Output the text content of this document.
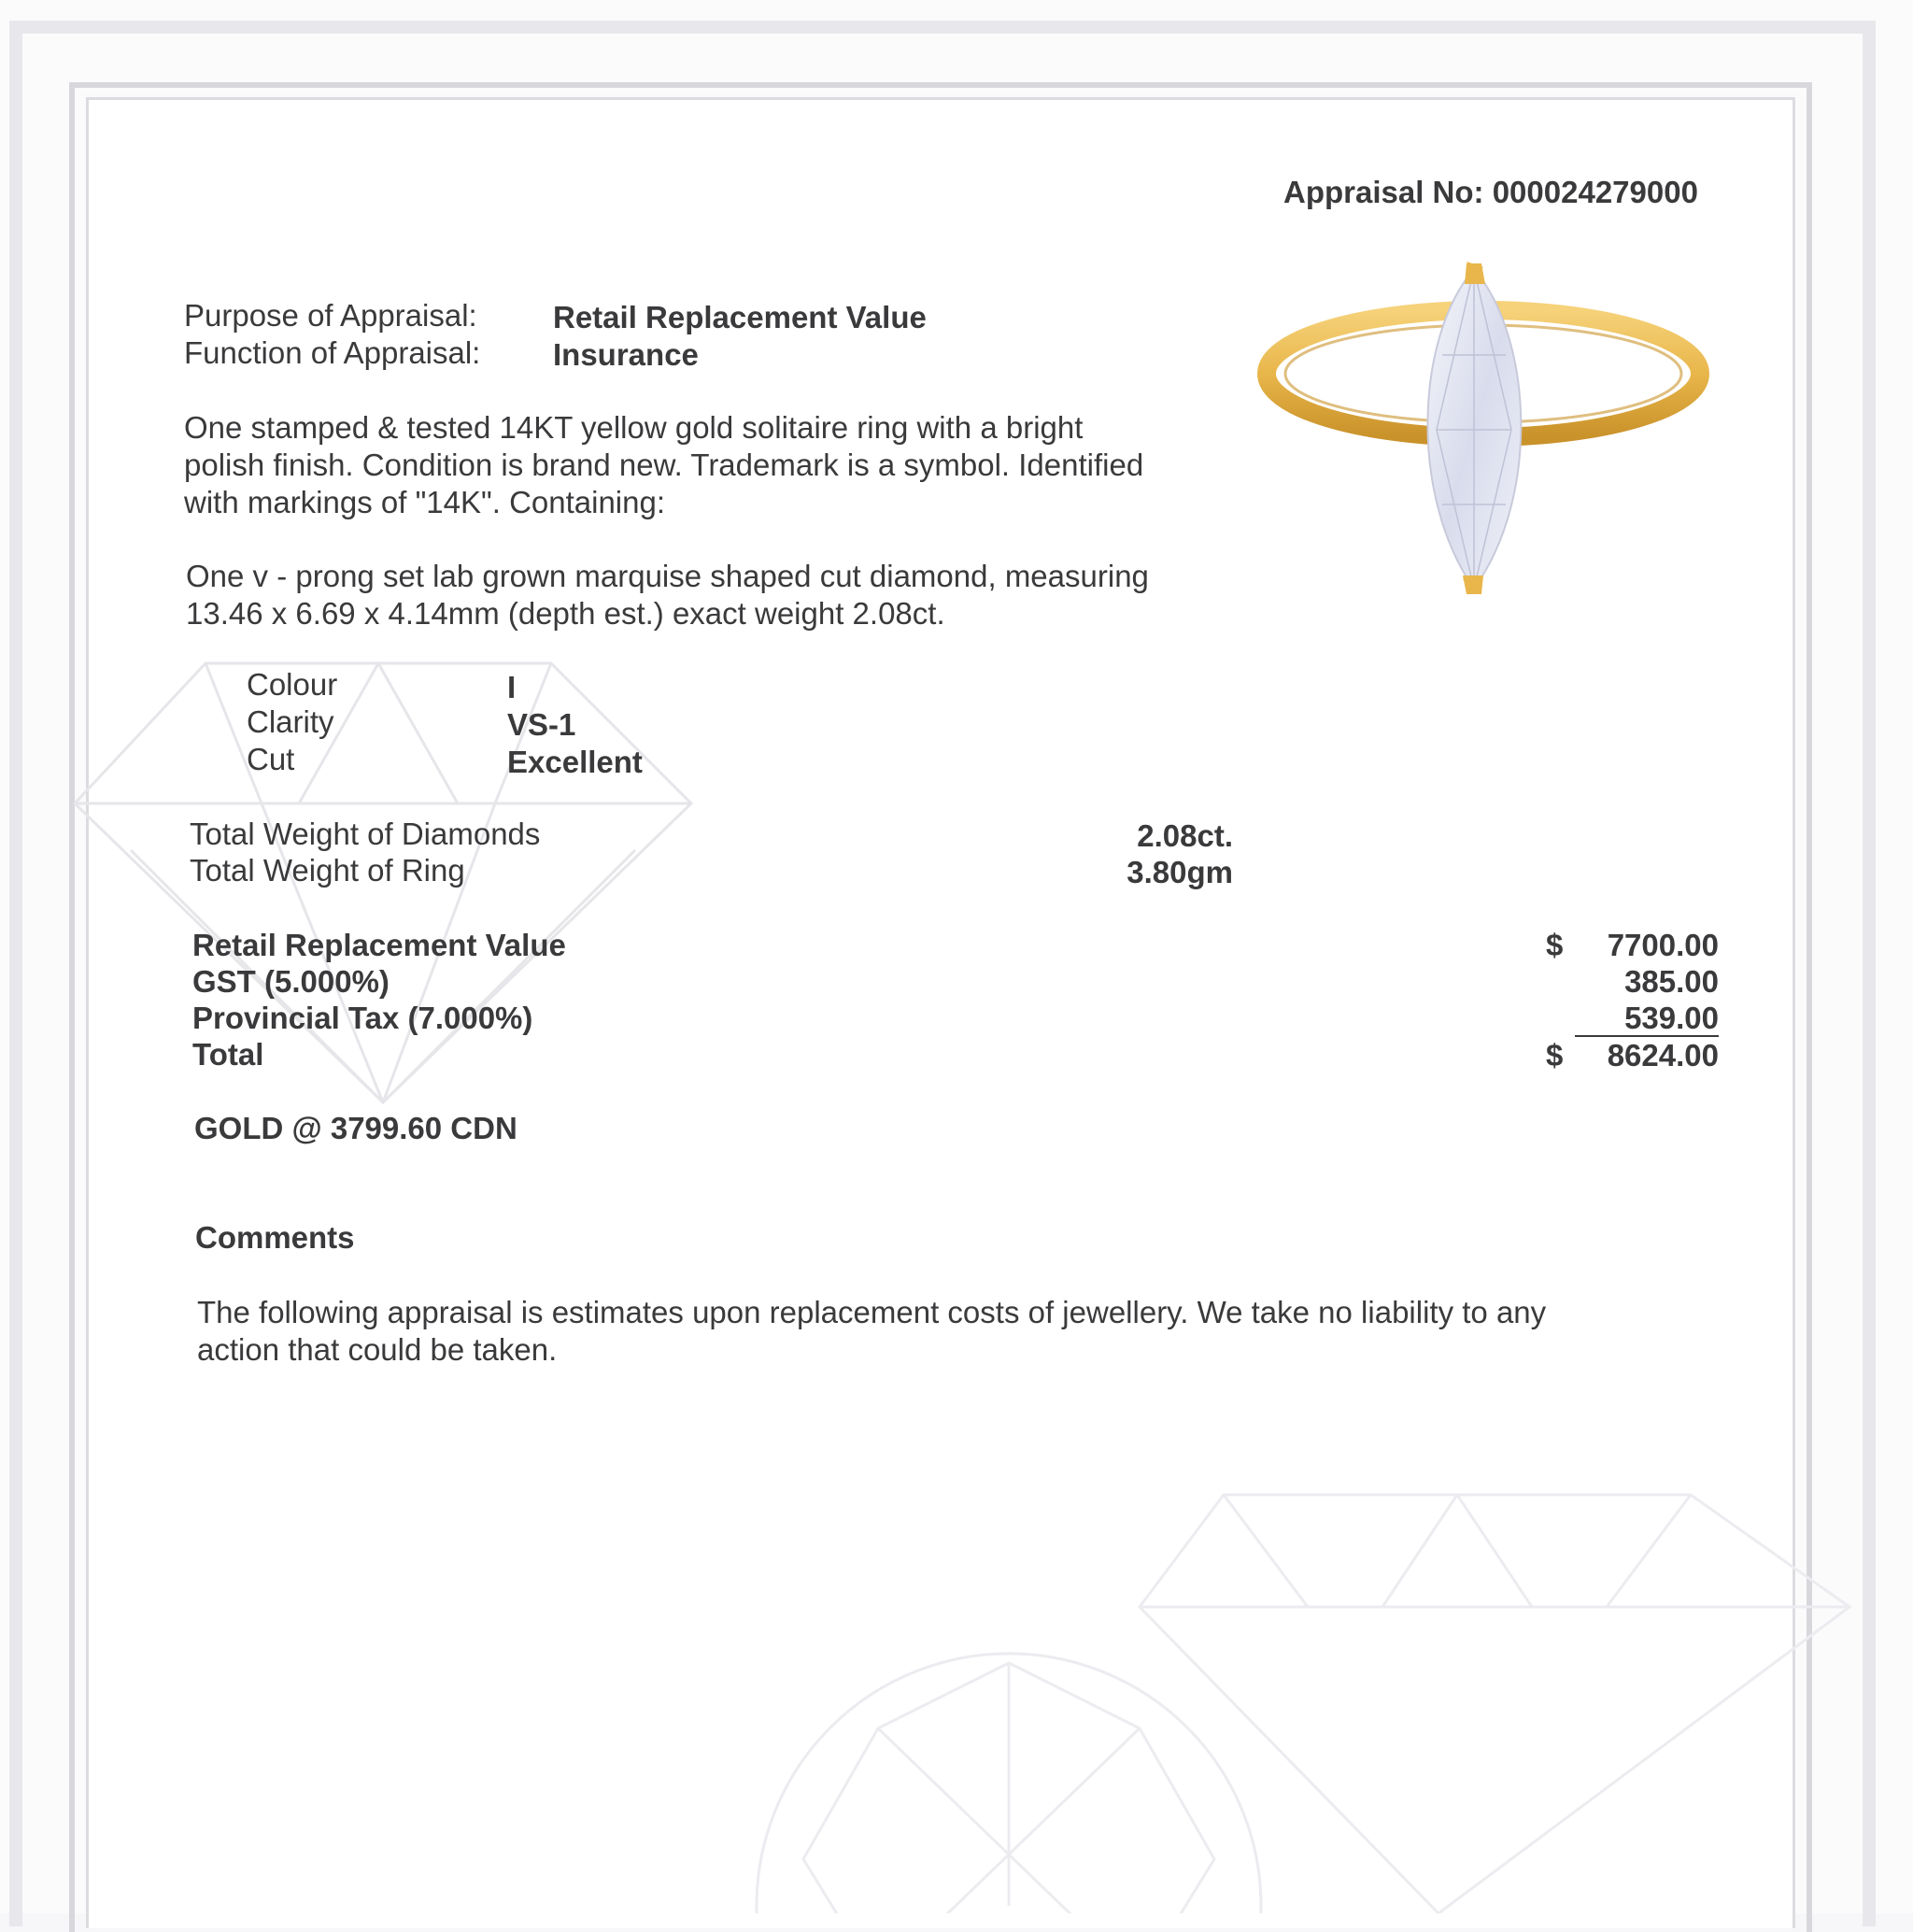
Appraisal No: 000024279000
Purpose of Appraisal: Retail Replacement Value
Function of Appraisal: Insurance
One stamped & tested 14KT yellow gold solitaire ring with a bright
polish finish. Condition is brand new. Trademark is a symbol. Identified
with markings of "14K". Containing:
One v - prong set lab grown marquise shaped cut diamond, measuring
13.46 x 6.69 x 4.14mm (depth est.) exact weight 2.08ct.
Colour	I
Clarity	VS-1
Cut	Excellent
Total Weight of Diamonds	2.08ct.
Total Weight of Ring	3.80gm
Retail Replacement Value	$	7700.00
GST (5.000%)	385.00
Provincial Tax (7.000%)	539.00
Total	$	8624.00
GOLD @ 3799.60 CDN
Comments
The following appraisal is estimates upon replacement costs of jewellery. We take no liability to any
action that could be taken.
